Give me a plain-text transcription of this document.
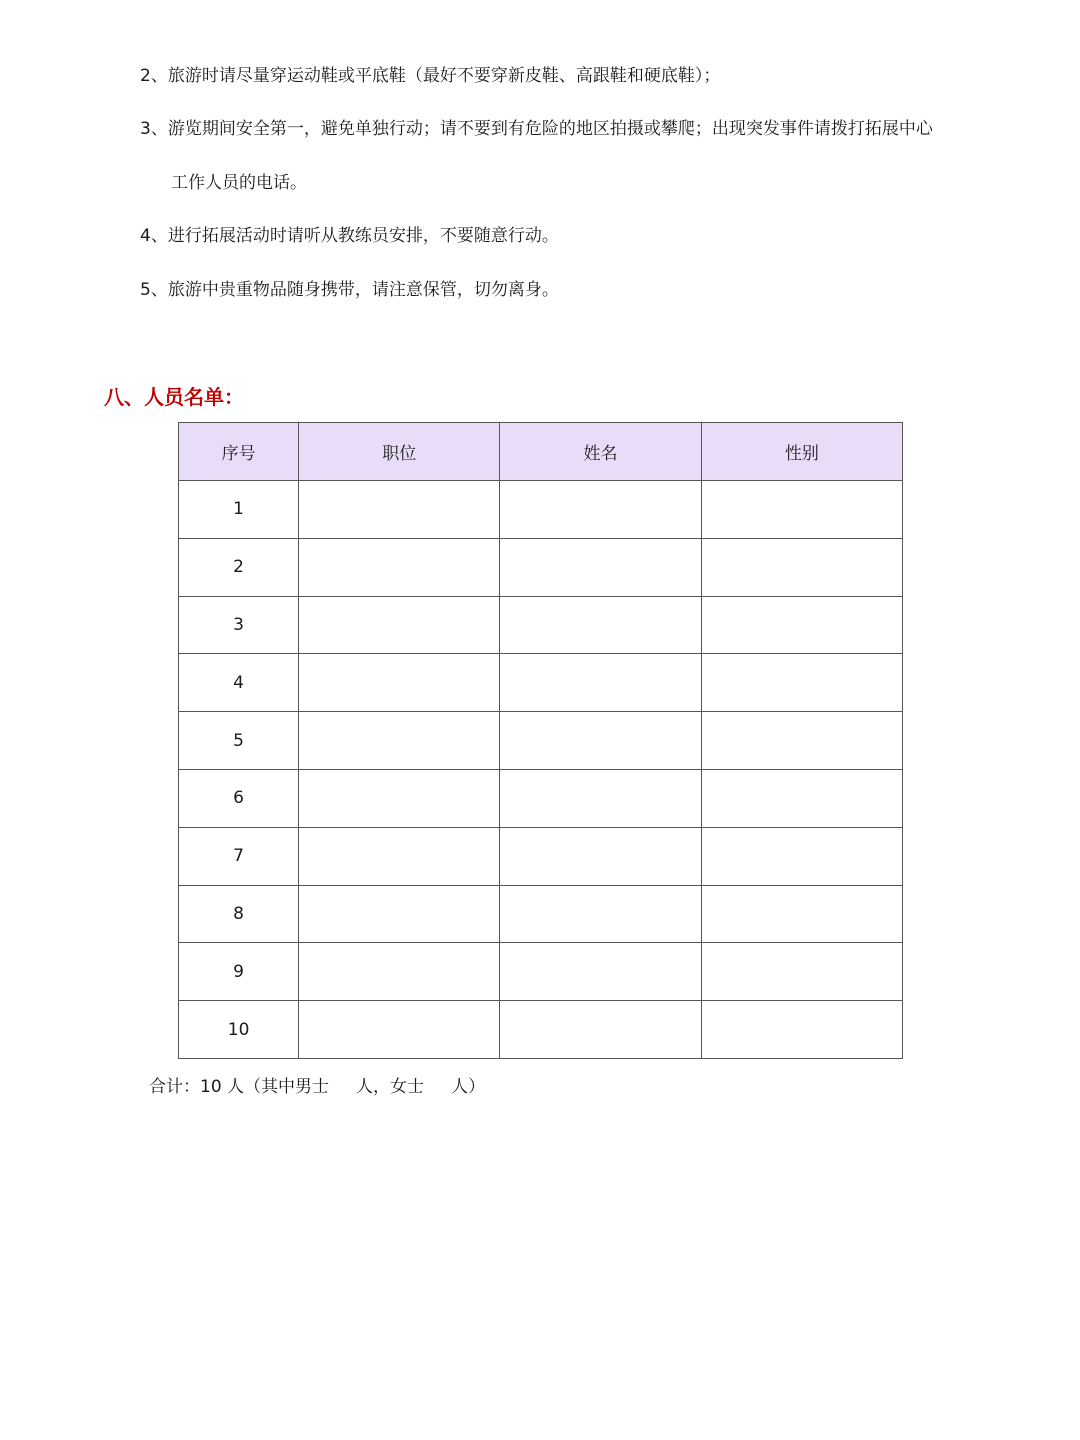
2、旅游时请尽量穿运动鞋或平底鞋（最好不要穿新皮鞋、高跟鞋和硬底鞋）；
3、游览期间安全第一，避免单独行动；请不要到有危险的地区拍摄或攀爬；出现突发事件请拨打拓展中心
工作人员的电话。
4、进行拓展活动时请听从教练员安排，不要随意行动。
5、旅游中贵重物品随身携带，请注意保管，切勿离身。
八、人员名单：
序号	职位	姓名	性别
1			
2			
3			
4			
5			
6			
7			
8			
9			
10			
合计：10 人（其中男士     人，女士     人）
